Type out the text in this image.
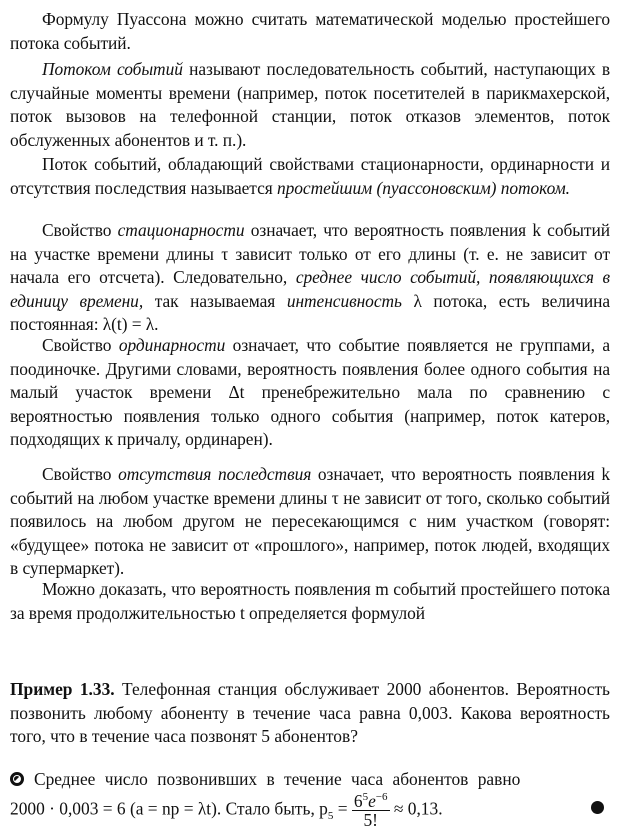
Формулу Пуассона можно считать математической моделью простейшего потока событий.
Потоком событий называют последовательность событий, наступающих в случайные моменты времени (например, поток посетителей в парикмахерской, поток вызовов на телефонной станции, поток отказов элементов, поток обслуженных абонентов и т. п.).
Поток событий, обладающий свойствами стационарности, ординарности и отсутствия последствия называется простейшим (пуассоновским) потоком.
Свойство стационарности означает, что вероятность появления k событий на участке времени длины τ зависит только от его длины (т. е. не зависит от начала его отсчета). Следовательно, среднее число событий, появляющихся в единицу времени, так называемая интенсивность λ потока, есть величина постоянная: λ(t) = λ.
Свойство ординарности означает, что событие появляется не группами, а поодиночке. Другими словами, вероятность появления более одного события на малый участок времени Δt пренебрежительно мала по сравнению с вероятностью появления только одного события (например, поток катеров, подходящих к причалу, ординарен).
Свойство отсутствия последствия означает, что вероятность появления k событий на любом участке времени длины τ не зависит от того, сколько событий появилось на любом другом не пересекающимся с ним участком (говорят: «будущее» потока не зависит от «прошлого», например, поток людей, входящих в супермаркет).
Можно доказать, что вероятность появления m событий простейшего потока за время продолжительностью t определяется формулой
Пример 1.33. Телефонная станция обслуживает 2000 абонентов. Вероятность позвонить любому абоненту в течение часа равна 0,003. Какова вероятность того, что в течение часа позвонят 5 абонентов?
Среднее число позвонивших в течение часа абонентов равно
2000 · 0,003 = 6 (a = np = λt). Стало быть, $p_5 = \frac{6^5e^{-6}}{5!} \approx 0,13$.
